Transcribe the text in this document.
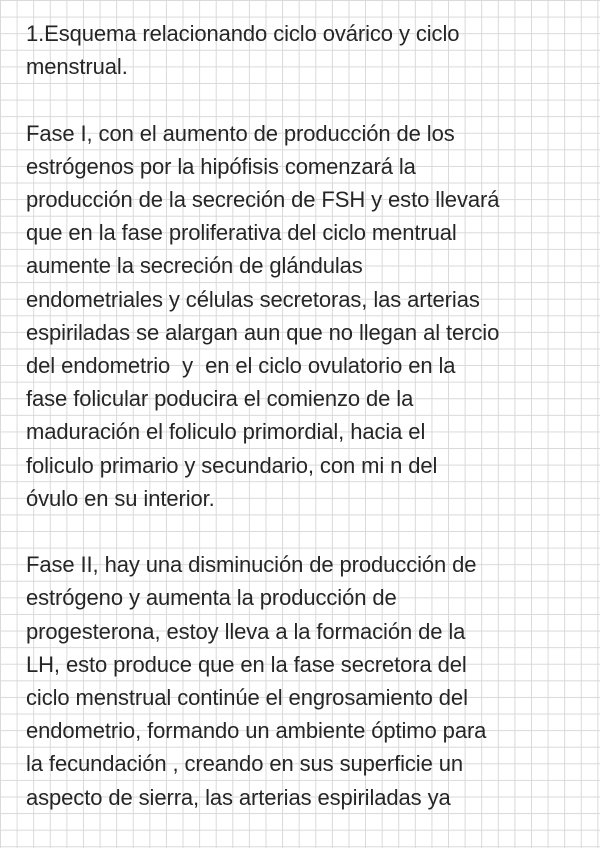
1.Esquema relacionando ciclo ovárico y ciclo
menstrual.

Fase I, con el aumento de producción de los
estrógenos por la hipófisis comenzará la
producción de la secreción de FSH y esto llevará
que en la fase proliferativa del ciclo mentrual
aumente la secreción de glándulas
endometriales y células secretoras, las arterias
espiriladas se alargan aun que no llegan al tercio
del endometrio  y  en el ciclo ovulatorio en la
fase folicular poducira el comienzo de la
maduración el foliculo primordial, hacia el
foliculo primario y secundario, con mi n del
óvulo en su interior.

Fase II, hay una disminución de producción de
estrógeno y aumenta la producción de
progesterona, estoy lleva a la formación de la
LH, esto produce que en la fase secretora del
ciclo menstrual continúe el engrosamiento del
endometrio, formando un ambiente óptimo para
la fecundación , creando en sus superficie un
aspecto de sierra, las arterias espiriladas ya
